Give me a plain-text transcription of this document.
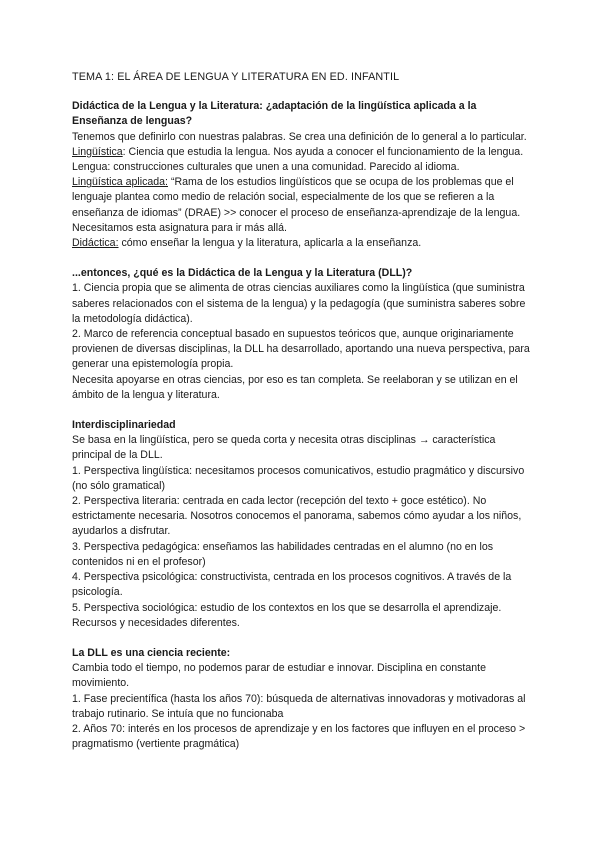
TEMA 1: EL ÁREA DE LENGUA Y LITERATURA EN ED. INFANTIL

Didáctica de la Lengua y la Literatura: ¿adaptación de la lingüística aplicada a la Enseñanza de lenguas?

Tenemos que definirlo con nuestras palabras. Se crea una definición de lo general a lo particular.

Lingüística: Ciencia que estudia la lengua. Nos ayuda a conocer el funcionamiento de la lengua. Lengua: construcciones culturales que unen a una comunidad. Parecido al idioma.

Lingüística aplicada: “Rama de los estudios lingüísticos que se ocupa de los problemas que el lenguaje plantea como medio de relación social, especialmente de los que se refieren a la enseñanza de idiomas” (DRAE) >> conocer el proceso de enseñanza-aprendizaje de la lengua. Necesitamos esta asignatura para ir más allá.

Didáctica: cómo enseñar la lengua y la literatura, aplicarla a la enseñanza.

...entonces, ¿qué es la Didáctica de la Lengua y la Literatura (DLL)?

1. Ciencia propia que se alimenta de otras ciencias auxiliares como la lingüística (que suministra saberes relacionados con el sistema de la lengua) y la pedagogía (que suministra saberes sobre la metodología didáctica).

2. Marco de referencia conceptual basado en supuestos teóricos que, aunque originariamente provienen de diversas disciplinas, la DLL ha desarrollado, aportando una nueva perspectiva, para generar una epistemología propia.

Necesita apoyarse en otras ciencias, por eso es tan completa. Se reelaboran y se utilizan en el ámbito de la lengua y literatura.

Interdisciplinariedad

Se basa en la lingüística, pero se queda corta y necesita otras disciplinas → característica principal de la DLL.

1. Perspectiva lingüística: necesitamos procesos comunicativos, estudio pragmático y discursivo (no sólo gramatical)

2. Perspectiva literaria: centrada en cada lector (recepción del texto + goce estético). No estrictamente necesaria. Nosotros conocemos el panorama, sabemos cómo ayudar a los niños, ayudarlos a disfrutar.

3. Perspectiva pedagógica: enseñamos las habilidades centradas en el alumno (no en los contenidos ni en el profesor)

4. Perspectiva psicológica: constructivista, centrada en los procesos cognitivos. A través de la psicología.

5. Perspectiva sociológica: estudio de los contextos en los que se desarrolla el aprendizaje. Recursos y necesidades diferentes.

La DLL es una ciencia reciente:

Cambia todo el tiempo, no podemos parar de estudiar e innovar. Disciplina en constante movimiento.

1. Fase precientífica (hasta los años 70): búsqueda de alternativas innovadoras y motivadoras al trabajo rutinario. Se intuía que no funcionaba

2. Años 70: interés en los procesos de aprendizaje y en los factores que influyen en el proceso > pragmatismo (vertiente pragmática)
